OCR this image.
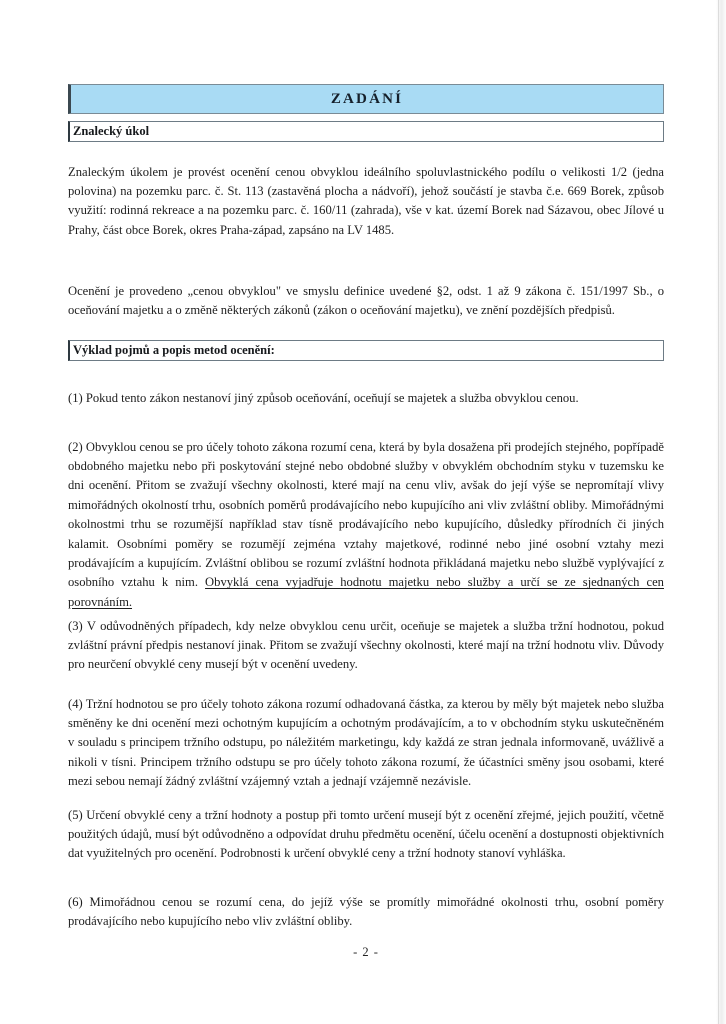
ZADÁNÍ
Znalecký úkol

Znaleckým úkolem je provést ocenění cenou obvyklou ideálního spoluvlastnického podílu o velikosti 1/2 (jedna polovina) na pozemku parc. č. St. 113 (zastavěná plocha a nádvoří), jehož součástí je stavba č.e. 669 Borek, způsob využití: rodinná rekreace a na pozemku parc. č. 160/11 (zahrada), vše v kat. území Borek nad Sázavou, obec Jílové u Prahy, část obce Borek, okres Praha-západ, zapsáno na LV 1485.

Ocenění je provedeno „cenou obvyklou" ve smyslu definice uvedené §2, odst. 1 až 9 zákona č. 151/1997 Sb., o oceňování majetku a o změně některých zákonů (zákon o oceňování majetku), ve znění pozdějších předpisů.

Výklad pojmů a popis metod ocenění:

(1) Pokud tento zákon nestanoví jiný způsob oceňování, oceňují se majetek a služba obvyklou cenou.

(2) Obvyklou cenou se pro účely tohoto zákona rozumí cena, která by byla dosažena při prodejích stejného, popřípadě obdobného majetku nebo při poskytování stejné nebo obdobné služby v obvyklém obchodním styku v tuzemsku ke dni ocenění. Přitom se zvažují všechny okolnosti, které mají na cenu vliv, avšak do její výše se nepromítají vlivy mimořádných okolností trhu, osobních poměrů prodávajícího nebo kupujícího ani vliv zvláštní obliby. Mimořádnými okolnostmi trhu se rozumější například stav tísně prodávajícího nebo kupujícího, důsledky přírodních či jiných kalamit. Osobními poměry se rozumějí zejména vztahy majetkové, rodinné nebo jiné osobní vztahy mezi prodávajícím a kupujícím. Zvláštní oblibou se rozumí zvláštní hodnota přikládaná majetku nebo službě vyplývající z osobního vztahu k nim. Obvyklá cena vyjadřuje hodnotu majetku nebo služby a určí se ze sjednaných cen porovnáním.

(3) V odůvodněných případech, kdy nelze obvyklou cenu určit, oceňuje se majetek a služba tržní hodnotou, pokud zvláštní právní předpis nestanoví jinak. Přitom se zvažují všechny okolnosti, které mají na tržní hodnotu vliv. Důvody pro neurčení obvyklé ceny musejí být v ocenění uvedeny.

(4) Tržní hodnotou se pro účely tohoto zákona rozumí odhadovaná částka, za kterou by měly být majetek nebo služba směněny ke dni ocenění mezi ochotným kupujícím a ochotným prodávajícím, a to v obchodním styku uskutečněném v souladu s principem tržního odstupu, po náležitém marketingu, kdy každá ze stran jednala informovaně, uvážlivě a nikoli v tísni. Principem tržního odstupu se pro účely tohoto zákona rozumí, že účastníci směny jsou osobami, které mezi sebou nemají žádný zvláštní vzájemný vztah a jednají vzájemně nezávisle.

(5) Určení obvyklé ceny a tržní hodnoty a postup při tomto určení musejí být z ocenění zřejmé, jejich použití, včetně použitých údajů, musí být odůvodněno a odpovídat druhu předmětu ocenění, účelu ocenění a dostupnosti objektivních dat využitelných pro ocenění. Podrobnosti k určení obvyklé ceny a tržní hodnoty stanoví vyhláška.

(6) Mimořádnou cenou se rozumí cena, do jejíž výše se promítly mimořádné okolnosti trhu, osobní poměry prodávajícího nebo kupujícího nebo vliv zvláštní obliby.

- 2 -
